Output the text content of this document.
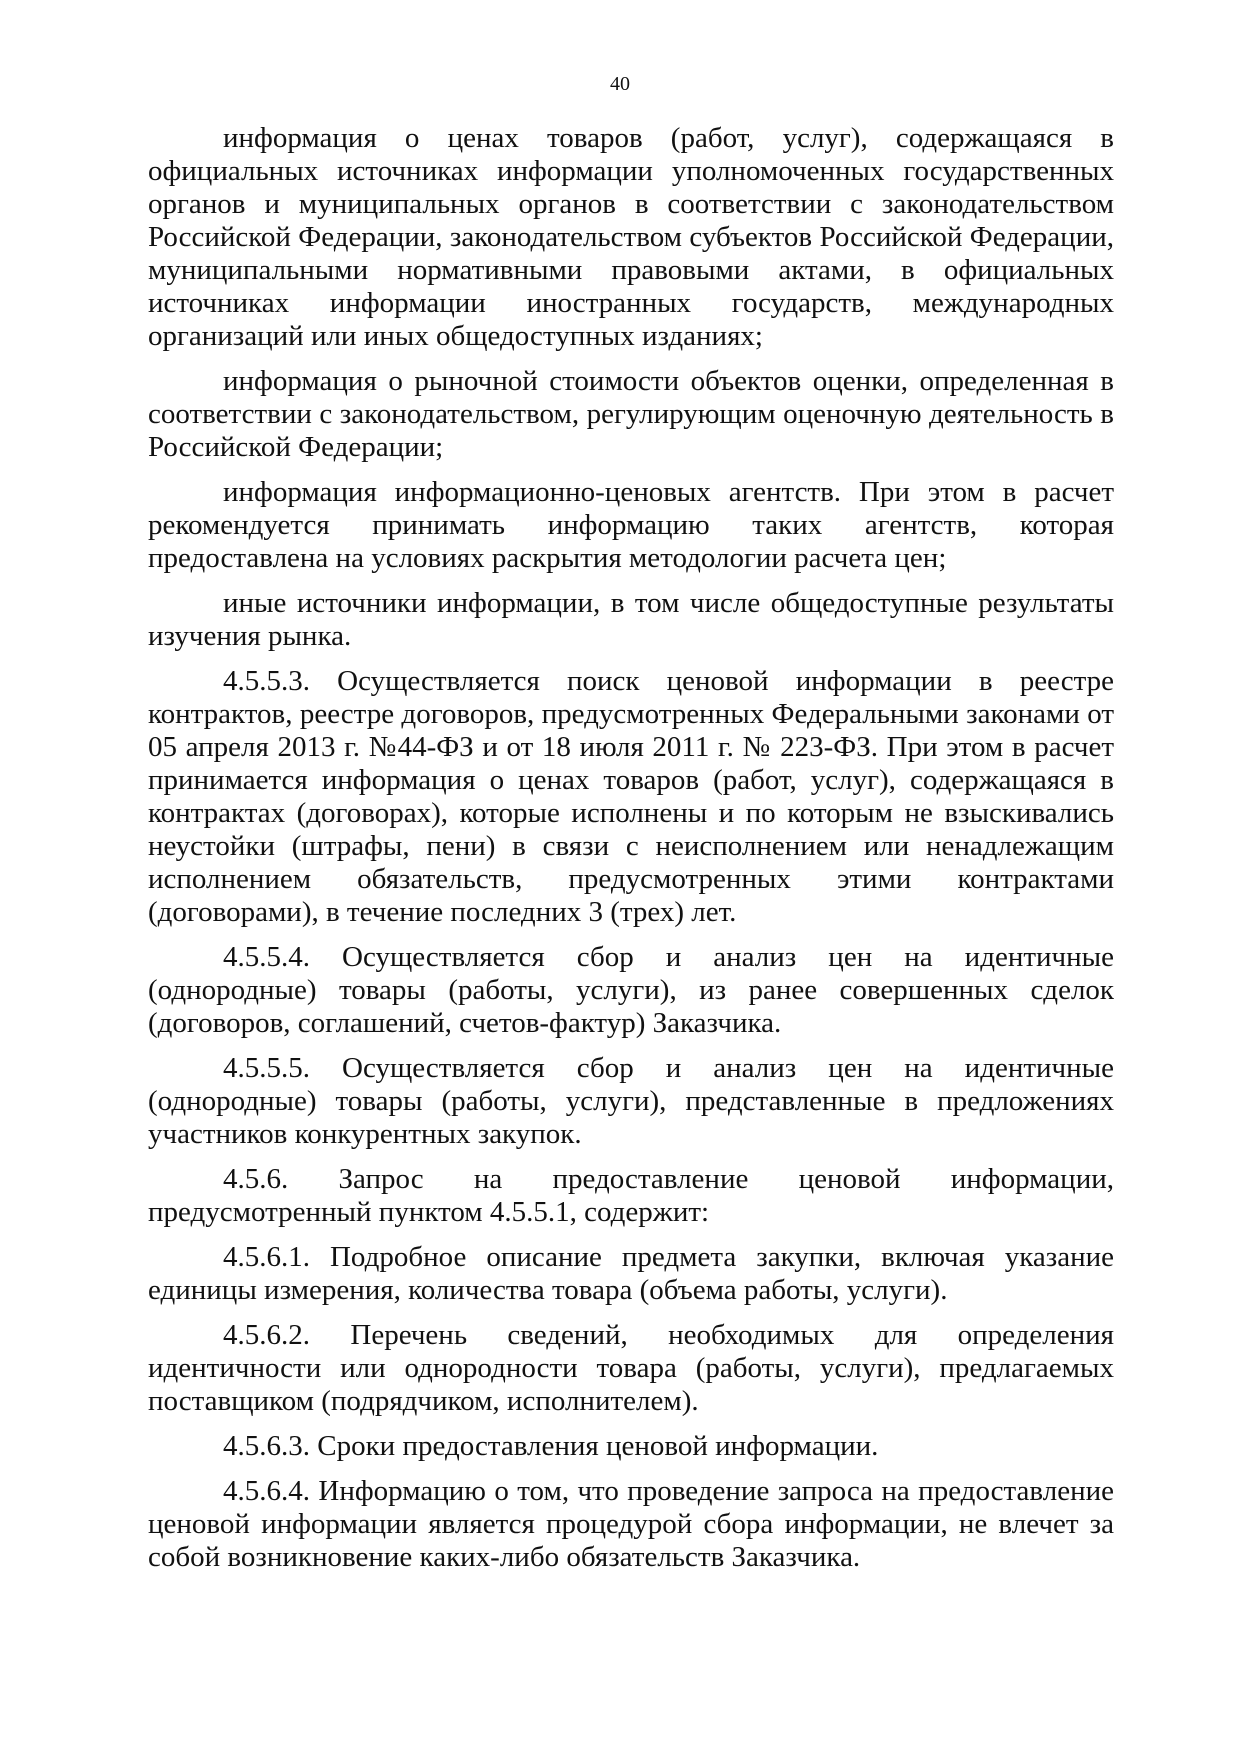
40

информация о ценах товаров (работ, услуг), содержащаяся в официальных источниках информации уполномоченных государственных органов и муниципальных органов в соответствии с законодательством Российской Федерации, законодательством субъектов Российской Федерации, муниципальными нормативными правовыми актами, в официальных источниках информации иностранных государств, международных организаций или иных общедоступных изданиях;

информация о рыночной стоимости объектов оценки, определенная в соответствии с законодательством, регулирующим оценочную деятельность в Российской Федерации;

информация информационно-ценовых агентств. При этом в расчет рекомендуется принимать информацию таких агентств, которая предоставлена на условиях раскрытия методологии расчета цен;

иные источники информации, в том числе общедоступные результаты изучения рынка.

4.5.5.3. Осуществляется поиск ценовой информации в реестре контрактов, реестре договоров, предусмотренных Федеральными законами от 05 апреля 2013 г. №44-ФЗ и от 18 июля 2011 г. № 223-ФЗ. При этом в расчет принимается информация о ценах товаров (работ, услуг), содержащаяся в контрактах (договорах), которые исполнены и по которым не взыскивались неустойки (штрафы, пени) в связи с неисполнением или ненадлежащим исполнением обязательств, предусмотренных этими контрактами (договорами), в течение последних 3 (трех) лет.

4.5.5.4. Осуществляется сбор и анализ цен на идентичные (однородные) товары (работы, услуги), из ранее совершенных сделок (договоров, соглашений, счетов-фактур) Заказчика.

4.5.5.5. Осуществляется сбор и анализ цен на идентичные (однородные) товары (работы, услуги), представленные в предложениях участников конкурентных закупок.

4.5.6. Запрос на предоставление ценовой информации, предусмотренный пунктом 4.5.5.1, содержит:

4.5.6.1. Подробное описание предмета закупки, включая указание единицы измерения, количества товара (объема работы, услуги).

4.5.6.2. Перечень сведений, необходимых для определения идентичности или однородности товара (работы, услуги), предлагаемых поставщиком (подрядчиком, исполнителем).

4.5.6.3. Сроки предоставления ценовой информации.

4.5.6.4. Информацию о том, что проведение запроса на предоставление ценовой информации является процедурой сбора информации, не влечет за собой возникновение каких-либо обязательств Заказчика.
